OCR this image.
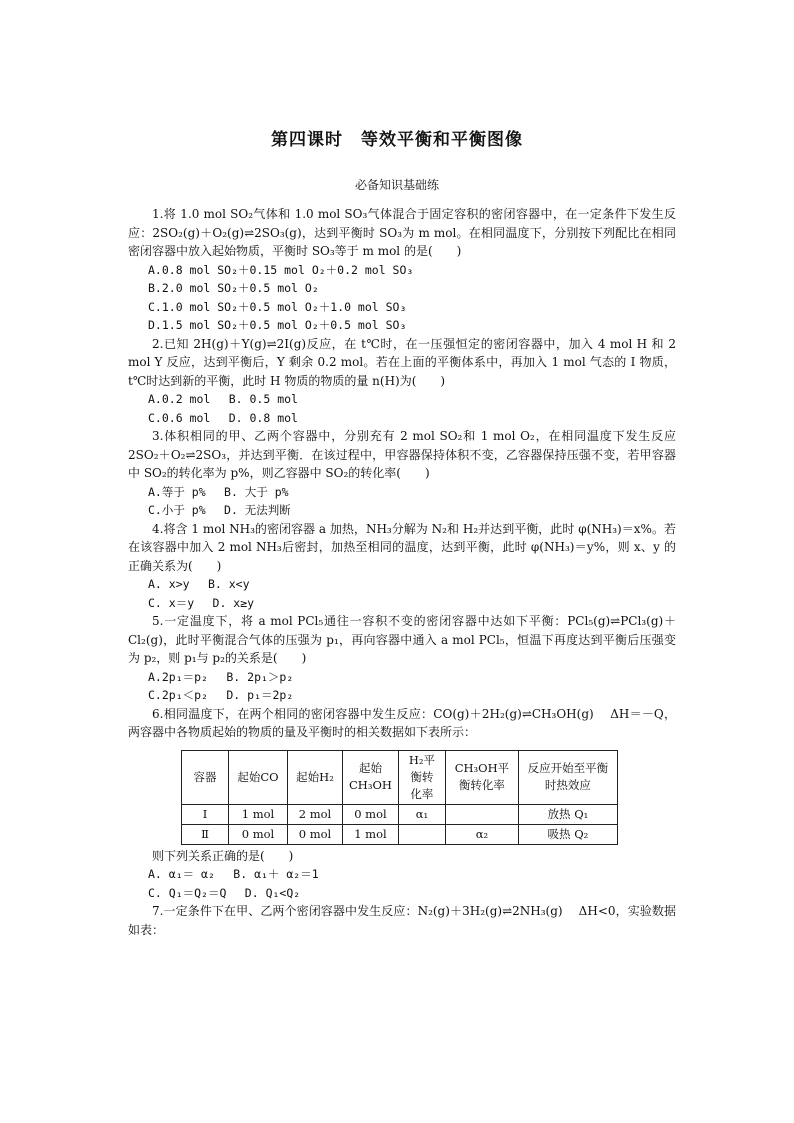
第四课时　等效平衡和平衡图像
必备知识基础练

1.将 1.0 mol SO₂气体和 1.0 mol SO₃气体混合于固定容积的密闭容器中，在一定条件下发生反应：2SO₂(g)＋O₂(g)⇌2SO₃(g)，达到平衡时 SO₃为 m mol。在相同温度下，分别按下列配比在相同密闭容器中放入起始物质，平衡时 SO₃等于 m mol 的是(　　)

A.0.8 mol SO₂＋0.15 mol O₂＋0.2 mol SO₃

B.2.0 mol SO₂＋0.5 mol O₂

C.1.0 mol SO₂＋0.5 mol O₂＋1.0 mol SO₃

D.1.5 mol SO₂＋0.5 mol O₂＋0.5 mol SO₃

2.已知 2H(g)＋Y(g)⇌2I(g)反应，在 t℃时，在一压强恒定的密闭容器中，加入 4 mol H 和 2 mol Y 反应，达到平衡后，Y 剩余 0.2 mol。若在上面的平衡体系中，再加入 1 mol 气态的 I 物质，t℃时达到新的平衡，此时 H 物质的物质的量 n(H)为(　　)

A.0.2 mol　 B. 0.5 mol

C.0.6 mol　 D. 0.8 mol

3.体积相同的甲、乙两个容器中，分别充有 2 mol SO₂和 1 mol O₂，在相同温度下发生反应 2SO₂＋O₂⇌2SO₃，并达到平衡．在该过程中，甲容器保持体积不变，乙容器保持压强不变，若甲容器中 SO₂的转化率为 p%，则乙容器中 SO₂的转化率(　　)

A.等于 p%　 B. 大于 p%

C.小于 p%　 D. 无法判断

4.将含 1 mol NH₃的密闭容器 a 加热，NH₃分解为 N₂和 H₂并达到平衡，此时 φ(NH₃)＝x%。若在该容器中加入 2 mol NH₃后密封，加热至相同的温度，达到平衡，此时 φ(NH₃)＝y%，则 x、y 的正确关系为(　　)

A. x>y　 B. x<y

C. x＝y　 D. x≥y

5.一定温度下，将 a mol PCl₅通往一容积不变的密闭容器中达如下平衡：PCl₅(g)⇌PCl₃(g)＋Cl₂(g)，此时平衡混合气体的压强为 p₁，再向容器中通入 a mol PCl₅，恒温下再度达到平衡后压强变为 p₂，则 p₁与 p₂的关系是(　　)

A.2p₁＝p₂　 B. 2p₁＞p₂

C.2p₁＜p₂　 D. p₁＝2p₂

6.相同温度下，在两个相同的密闭容器中发生反应：CO(g)＋2H₂(g)⇌CH₃OH(g)　 ΔH＝－Q，两容器中各物质起始的物质的量及平衡时的相关数据如下表所示：

容器	起始CO	起始H₂	起始CH₃OH	H₂平衡转化率	CH₃OH平衡转化率	反应开始至平衡时热效应
Ⅰ	1 mol	2 mol	0 mol	α₁		放热 Q₁
Ⅱ	0 mol	0 mol	1 mol		α₂	吸热 Q₂

则下列关系正确的是(　　)

A. α₁＝ α₂　 B. α₁＋ α₂＝1

C. Q₁＝Q₂＝Q　 D. Q₁<Q₂

7.一定条件下在甲、乙两个密闭容器中发生反应：N₂(g)＋3H₂(g)⇌2NH₃(g)　 ΔH<0，实验数据如表：
